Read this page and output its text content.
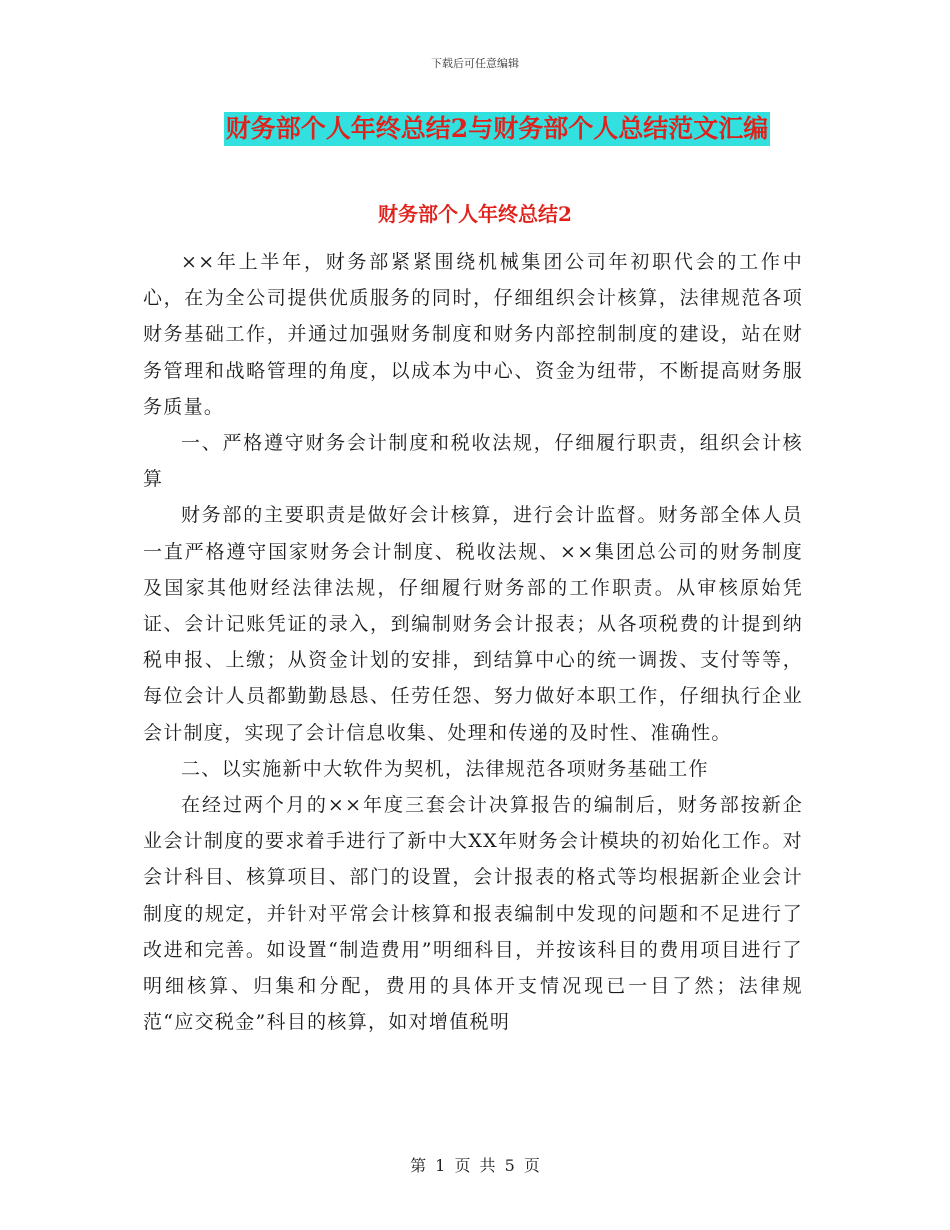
下载后可任意编辑
财务部个人年终总结2与财务部个人总结范文汇编
财务部个人年终总结2

××年上半年，财务部紧紧围绕机械集团公司年初职代会的工作中心，在为全公司提供优质服务的同时，仔细组织会计核算，法律规范各项财务基础工作，并通过加强财务制度和财务内部控制制度的建设，站在财务管理和战略管理的角度，以成本为中心、资金为纽带，不断提高财务服务质量。

一、严格遵守财务会计制度和税收法规，仔细履行职责，组织会计核算

财务部的主要职责是做好会计核算，进行会计监督。财务部全体人员一直严格遵守国家财务会计制度、税收法规、××集团总公司的财务制度及国家其他财经法律法规，仔细履行财务部的工作职责。从审核原始凭证、会计记账凭证的录入，到编制财务会计报表；从各项税费的计提到纳税申报、上缴；从资金计划的安排，到结算中心的统一调拨、支付等等，每位会计人员都勤勤恳恳、任劳任怨、努力做好本职工作，仔细执行企业会计制度，实现了会计信息收集、处理和传递的及时性、准确性。

二、以实施新中大软件为契机，法律规范各项财务基础工作

在经过两个月的××年度三套会计决算报告的编制后，财务部按新企业会计制度的要求着手进行了新中大XX年财务会计模块的初始化工作。对会计科目、核算项目、部门的设置，会计报表的格式等均根据新企业会计制度的规定，并针对平常会计核算和报表编制中发现的问题和不足进行了改进和完善。如设置“制造费用”明细科目，并按该科目的费用项目进行了明细核算、归集和分配，费用的具体开支情况现已一目了然；法律规范“应交税金”科目的核算，如对增值税明

第 1 页 共 5 页
